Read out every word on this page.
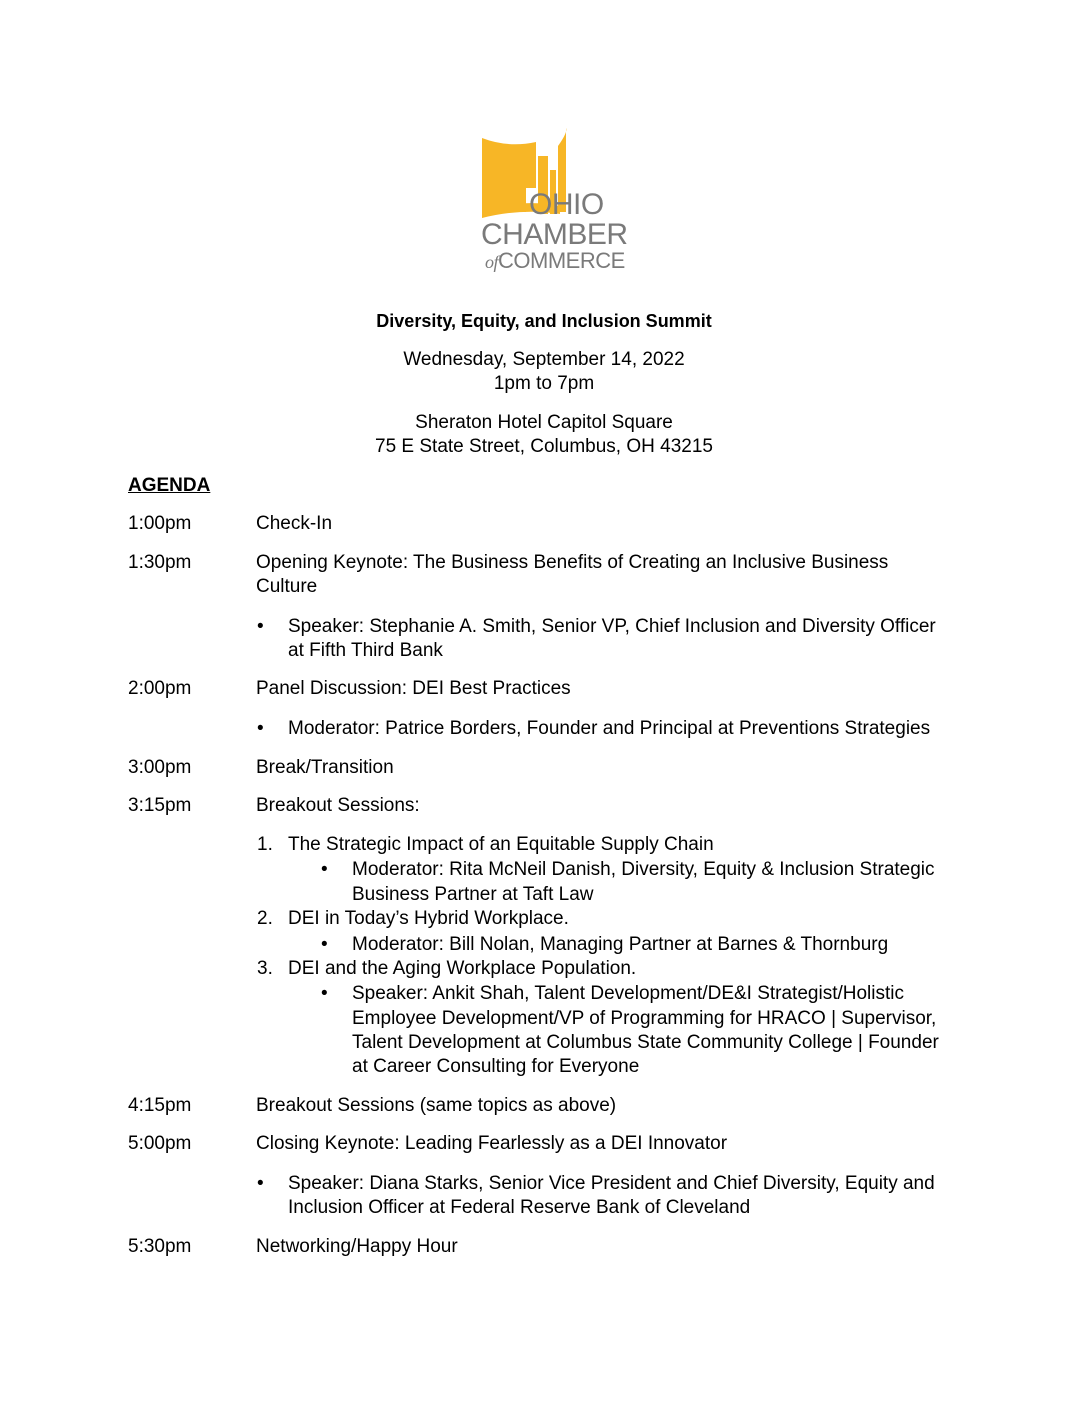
OHIO
CHAMBER
ofCOMMERCE
Diversity, Equity, and Inclusion Summit
Wednesday, September 14, 2022
1pm to 7pm
Sheraton Hotel Capitol Square
75 E State Street, Columbus, OH 43215
AGENDA
1:00pm	Check-In
1:30pm	Opening Keynote: The Business Benefits of Creating an Inclusive Business
Culture
• Speaker: Stephanie A. Smith, Senior VP, Chief Inclusion and Diversity Officer
at Fifth Third Bank
2:00pm	Panel Discussion: DEI Best Practices
• Moderator: Patrice Borders, Founder and Principal at Preventions Strategies
3:00pm	Break/Transition
3:15pm	Breakout Sessions:
1. The Strategic Impact of an Equitable Supply Chain
• Moderator: Rita McNeil Danish, Diversity, Equity & Inclusion Strategic
Business Partner at Taft Law
2. DEI in Today’s Hybrid Workplace.
• Moderator: Bill Nolan, Managing Partner at Barnes & Thornburg
3. DEI and the Aging Workplace Population.
• Speaker: Ankit Shah, Talent Development/DE&I Strategist/Holistic
Employee Development/VP of Programming for HRACO | Supervisor,
Talent Development at Columbus State Community College | Founder
at Career Consulting for Everyone
4:15pm	Breakout Sessions (same topics as above)
5:00pm	Closing Keynote: Leading Fearlessly as a DEI Innovator
• Speaker: Diana Starks, Senior Vice President and Chief Diversity, Equity and
Inclusion Officer at Federal Reserve Bank of Cleveland
5:30pm	Networking/Happy Hour
